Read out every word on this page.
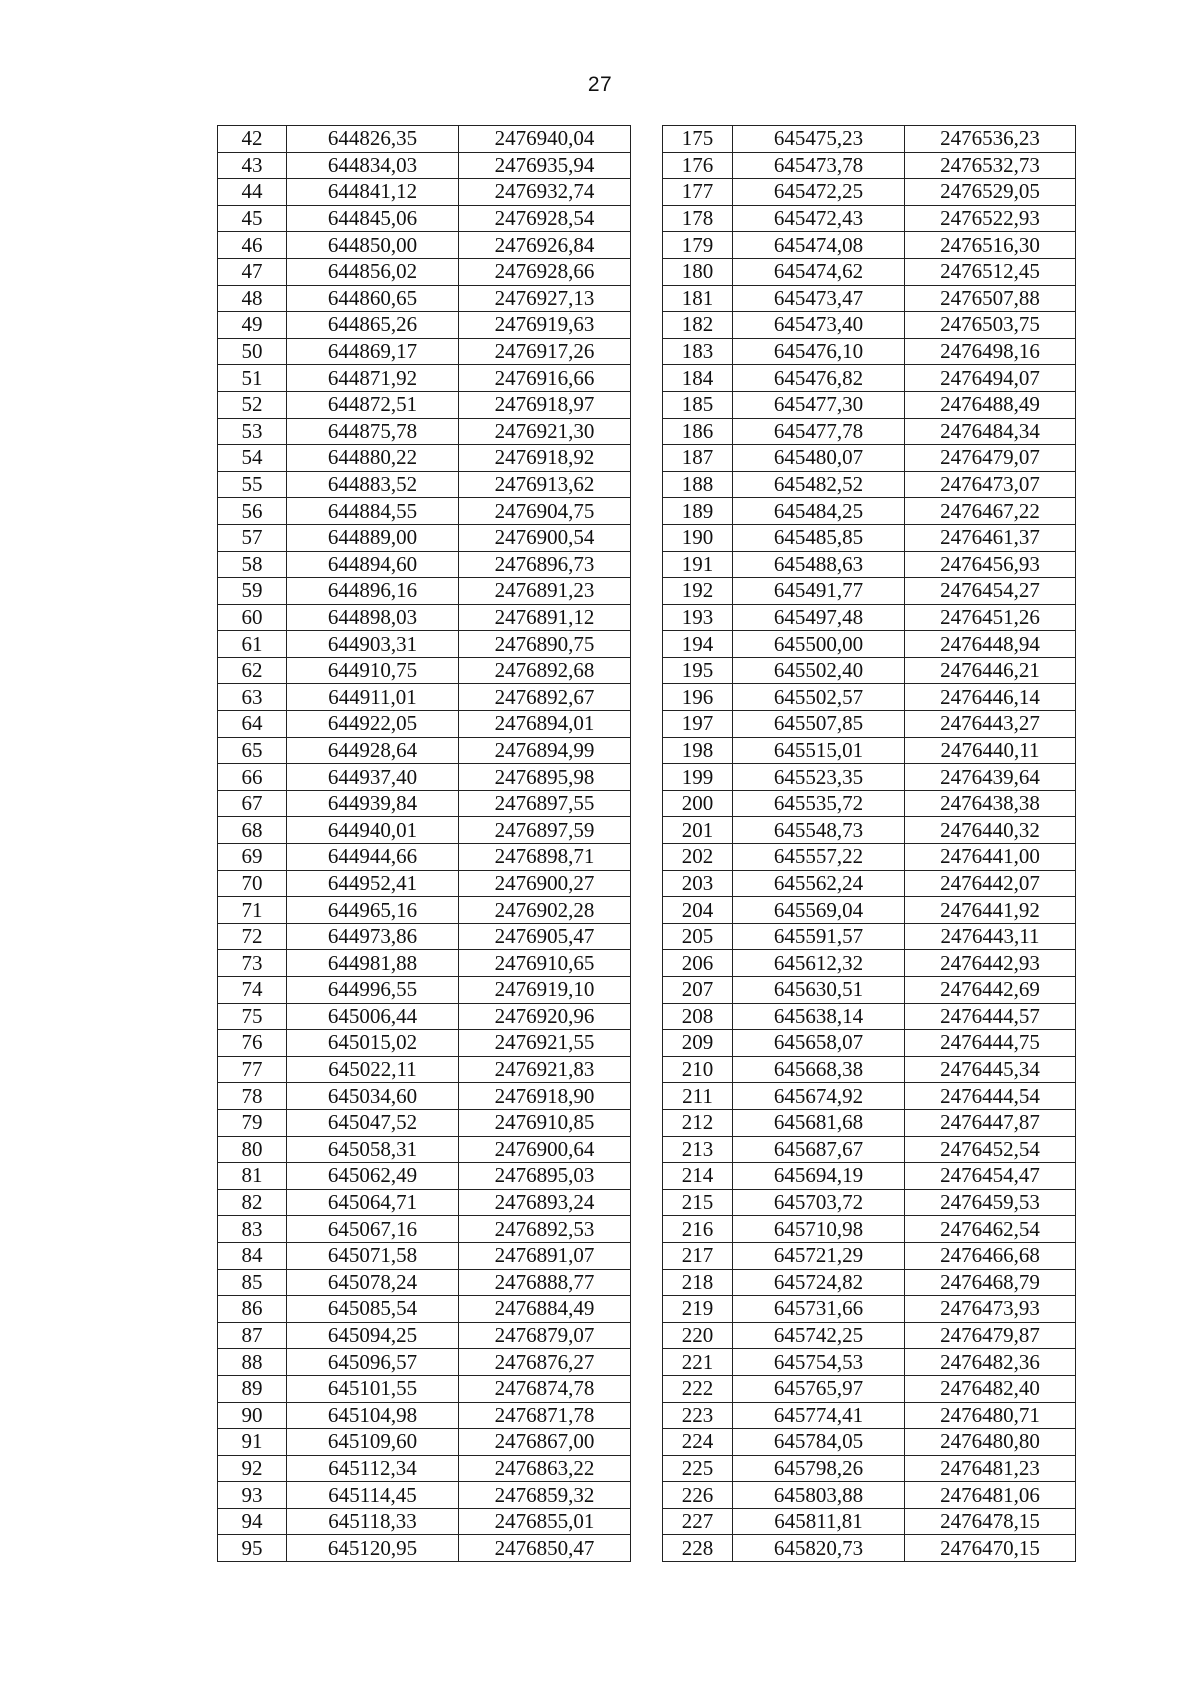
27
42	644826,35	2476940,04		175	645475,23	2476536,23
43	644834,03	2476935,94		176	645473,78	2476532,73
44	644841,12	2476932,74		177	645472,25	2476529,05
45	644845,06	2476928,54		178	645472,43	2476522,93
46	644850,00	2476926,84		179	645474,08	2476516,30
47	644856,02	2476928,66		180	645474,62	2476512,45
48	644860,65	2476927,13		181	645473,47	2476507,88
49	644865,26	2476919,63		182	645473,40	2476503,75
50	644869,17	2476917,26		183	645476,10	2476498,16
51	644871,92	2476916,66		184	645476,82	2476494,07
52	644872,51	2476918,97		185	645477,30	2476488,49
53	644875,78	2476921,30		186	645477,78	2476484,34
54	644880,22	2476918,92		187	645480,07	2476479,07
55	644883,52	2476913,62		188	645482,52	2476473,07
56	644884,55	2476904,75		189	645484,25	2476467,22
57	644889,00	2476900,54		190	645485,85	2476461,37
58	644894,60	2476896,73		191	645488,63	2476456,93
59	644896,16	2476891,23		192	645491,77	2476454,27
60	644898,03	2476891,12		193	645497,48	2476451,26
61	644903,31	2476890,75		194	645500,00	2476448,94
62	644910,75	2476892,68		195	645502,40	2476446,21
63	644911,01	2476892,67		196	645502,57	2476446,14
64	644922,05	2476894,01		197	645507,85	2476443,27
65	644928,64	2476894,99		198	645515,01	2476440,11
66	644937,40	2476895,98		199	645523,35	2476439,64
67	644939,84	2476897,55		200	645535,72	2476438,38
68	644940,01	2476897,59		201	645548,73	2476440,32
69	644944,66	2476898,71		202	645557,22	2476441,00
70	644952,41	2476900,27		203	645562,24	2476442,07
71	644965,16	2476902,28		204	645569,04	2476441,92
72	644973,86	2476905,47		205	645591,57	2476443,11
73	644981,88	2476910,65		206	645612,32	2476442,93
74	644996,55	2476919,10		207	645630,51	2476442,69
75	645006,44	2476920,96		208	645638,14	2476444,57
76	645015,02	2476921,55		209	645658,07	2476444,75
77	645022,11	2476921,83		210	645668,38	2476445,34
78	645034,60	2476918,90		211	645674,92	2476444,54
79	645047,52	2476910,85		212	645681,68	2476447,87
80	645058,31	2476900,64		213	645687,67	2476452,54
81	645062,49	2476895,03		214	645694,19	2476454,47
82	645064,71	2476893,24		215	645703,72	2476459,53
83	645067,16	2476892,53		216	645710,98	2476462,54
84	645071,58	2476891,07		217	645721,29	2476466,68
85	645078,24	2476888,77		218	645724,82	2476468,79
86	645085,54	2476884,49		219	645731,66	2476473,93
87	645094,25	2476879,07		220	645742,25	2476479,87
88	645096,57	2476876,27		221	645754,53	2476482,36
89	645101,55	2476874,78		222	645765,97	2476482,40
90	645104,98	2476871,78		223	645774,41	2476480,71
91	645109,60	2476867,00		224	645784,05	2476480,80
92	645112,34	2476863,22		225	645798,26	2476481,23
93	645114,45	2476859,32		226	645803,88	2476481,06
94	645118,33	2476855,01		227	645811,81	2476478,15
95	645120,95	2476850,47		228	645820,73	2476470,15
